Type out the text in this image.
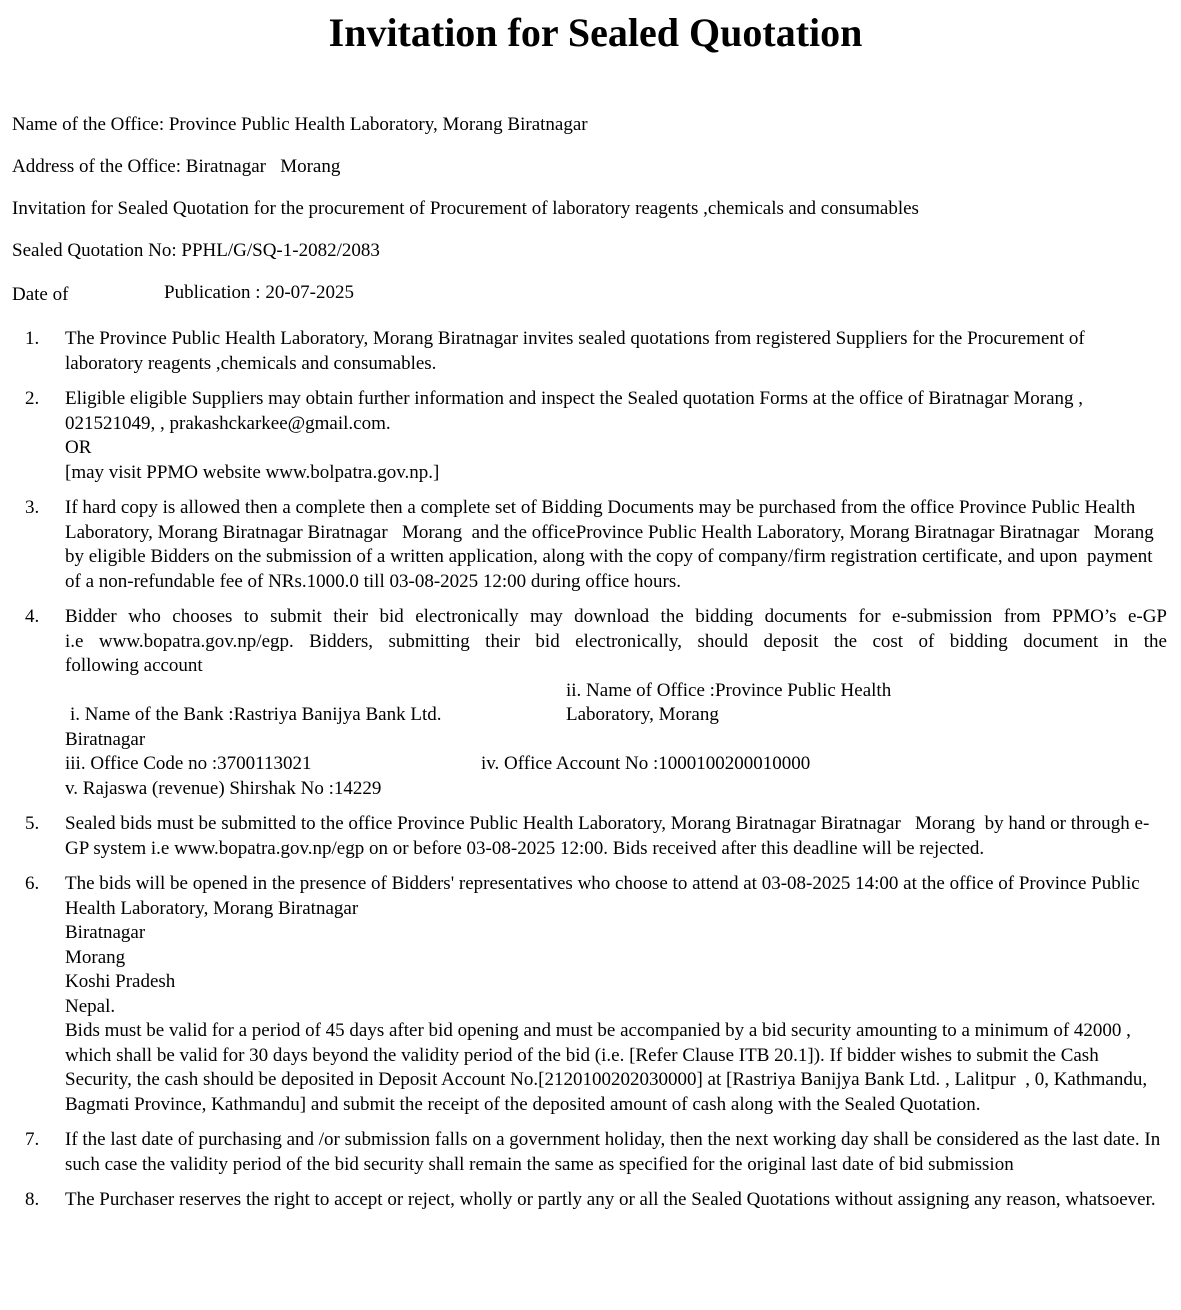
Invitation for Sealed Quotation
Name of the Office: Province Public Health Laboratory, Morang Biratnagar
Address of the Office: Biratnagar   Morang
Invitation for Sealed Quotation for the procurement of Procurement of laboratory reagents ,chemicals and consumables
Sealed Quotation No: PPHL/G/SQ-1-2082/2083
Date of	Publication : 20-07-2025
1. The Province Public Health Laboratory, Morang Biratnagar invites sealed quotations from registered Suppliers for the Procurement of laboratory reagents ,chemicals and consumables.
2. Eligible eligible Suppliers may obtain further information and inspect the Sealed quotation Forms at the office of Biratnagar Morang , 021521049, , prakashckarkee@gmail.com.
OR
[may visit PPMO website www.bolpatra.gov.np.]
3. If hard copy is allowed then a complete then a complete set of Bidding Documents may be purchased from the office Province Public Health Laboratory, Morang Biratnagar Biratnagar   Morang  and the officeProvince Public Health Laboratory, Morang Biratnagar Biratnagar   Morang by eligible Bidders on the submission of a written application, along with the copy of company/firm registration certificate, and upon  payment of a non-refundable fee of NRs.1000.0 till 03-08-2025 12:00 during office hours.
4. Bidder who chooses to submit their bid electronically may download the bidding documents for e-submission from PPMO’s e-GP
i.e www.bopatra.gov.np/egp. Bidders, submitting their bid electronically, should deposit the cost of bidding document in the
following account
i. Name of the Bank :Rastriya Banijya Bank Ltd.ii. Name of Office :Province Public Health Laboratory, Morang
Biratnagar
iii. Office Code no :3700113021	iv. Office Account No :1000100200010000
v. Rajaswa (revenue) Shirshak No :14229
5. Sealed bids must be submitted to the office Province Public Health Laboratory, Morang Biratnagar Biratnagar   Morang  by hand or through e-GP system i.e www.bopatra.gov.np/egp on or before 03-08-2025 12:00. Bids received after this deadline will be rejected.
6. The bids will be opened in the presence of Bidders' representatives who choose to attend at 03-08-2025 14:00 at the office of Province Public Health Laboratory, Morang Biratnagar
Biratnagar
Morang
Koshi Pradesh
Nepal.
Bids must be valid for a period of 45 days after bid opening and must be accompanied by a bid security amounting to a minimum of 42000 , which shall be valid for 30 days beyond the validity period of the bid (i.e. [Refer Clause ITB 20.1]). If bidder wishes to submit the Cash Security, the cash should be deposited in Deposit Account No.[2120100202030000] at [Rastriya Banijya Bank Ltd. , Lalitpur  , 0, Kathmandu, Bagmati Province, Kathmandu] and submit the receipt of the deposited amount of cash along with the Sealed Quotation.
7. If the last date of purchasing and /or submission falls on a government holiday, then the next working day shall be considered as the last date. In such case the validity period of the bid security shall remain the same as specified for the original last date of bid submission
8. The Purchaser reserves the right to accept or reject, wholly or partly any or all the Sealed Quotations without assigning any reason, whatsoever.
